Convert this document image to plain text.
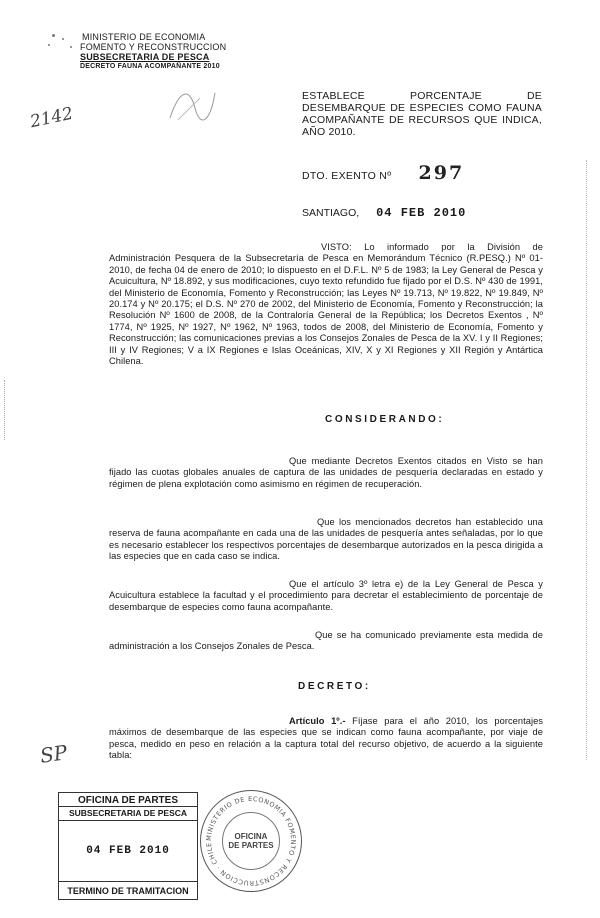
MINISTERIO DE ECONOMIA
FOMENTO Y RECONSTRUCCION
SUBSECRETARIA DE PESCA
DECRETO FAUNA ACOMPAÑANTE 2010
2142
ESTABLECE PORCENTAJE DE DESEMBARQUE DE ESPECIES COMO FAUNA ACOMPAÑANTE DE RECURSOS QUE INDICA, AÑO 2010.
DTO. EXENTO Nº 297
SANTIAGO, 04 FEB 2010
VISTO: Lo informado por la División de Administración Pesquera de la Subsecretaría de Pesca en Memorándum Técnico (R.PESQ.) Nº 01-2010, de fecha 04 de enero de 2010; lo dispuesto en el D.F.L. Nº 5 de 1983; la Ley General de Pesca y Acuicultura, Nº 18.892, y sus modificaciones, cuyo texto refundido fue fijado por el D.S. Nº 430 de 1991, del Ministerio de Economía, Fomento y Reconstrucción; las Leyes Nº 19.713, Nº 19.822, Nº 19.849, Nº 20.174 y Nº 20.175; el D.S. Nº 270 de 2002, del Ministerio de Economía, Fomento y Reconstrucción; la Resolución Nº 1600 de 2008, de la Contraloría General de la República; los Decretos Exentos , Nº 1774, Nº 1925, Nº 1927, Nº 1962, Nº 1963, todos de 2008, del Ministerio de Economía, Fomento y Reconstrucción; las comunicaciones previas a los Consejos Zonales de Pesca de la XV. I y II Regiones; III y IV Regiones; V a IX Regiones e Islas Oceánicas, XIV, X y XI Regiones y XII Región y Antártica Chilena.
CONSIDERANDO:
Que mediante Decretos Exentos citados en Visto se han fijado las cuotas globales anuales de captura de las unidades de pesquería declaradas en estado y régimen de plena explotación como asimismo en régimen de recuperación.
Que los mencionados decretos han establecido una reserva de fauna acompañante en cada una de las unidades de pesquería antes señaladas, por lo que es necesario establecer los respectivos porcentajes de desembarque autorizados en la pesca dirigida a las especies que en cada caso se indica.
Que el artículo 3º letra e) de la Ley General de Pesca y Acuicultura establece la facultad y el procedimiento para decretar el establecimiento de porcentaje de desembarque de especies como fauna acompañante.
Que se ha comunicado previamente esta medida de administración a los Consejos Zonales de Pesca.
DECRETO:
Artículo 1º.- Fíjase para el año 2010, los porcentajes máximos de desembarque de las especies que se indican como fauna acompañante, por viaje de pesca, medido en peso en relación a la captura total del recurso objetivo, de acuerdo a la siguiente tabla:
SP
OFICINA DE PARTES
SUBSECRETARIA DE PESCA
04 FEB 2010
TERMINO DE TRAMITACION
MINISTERIO DE ECONOMIA FOMENTO Y RECONSTRUCCION · CHILE
OFICINA
DE PARTES
